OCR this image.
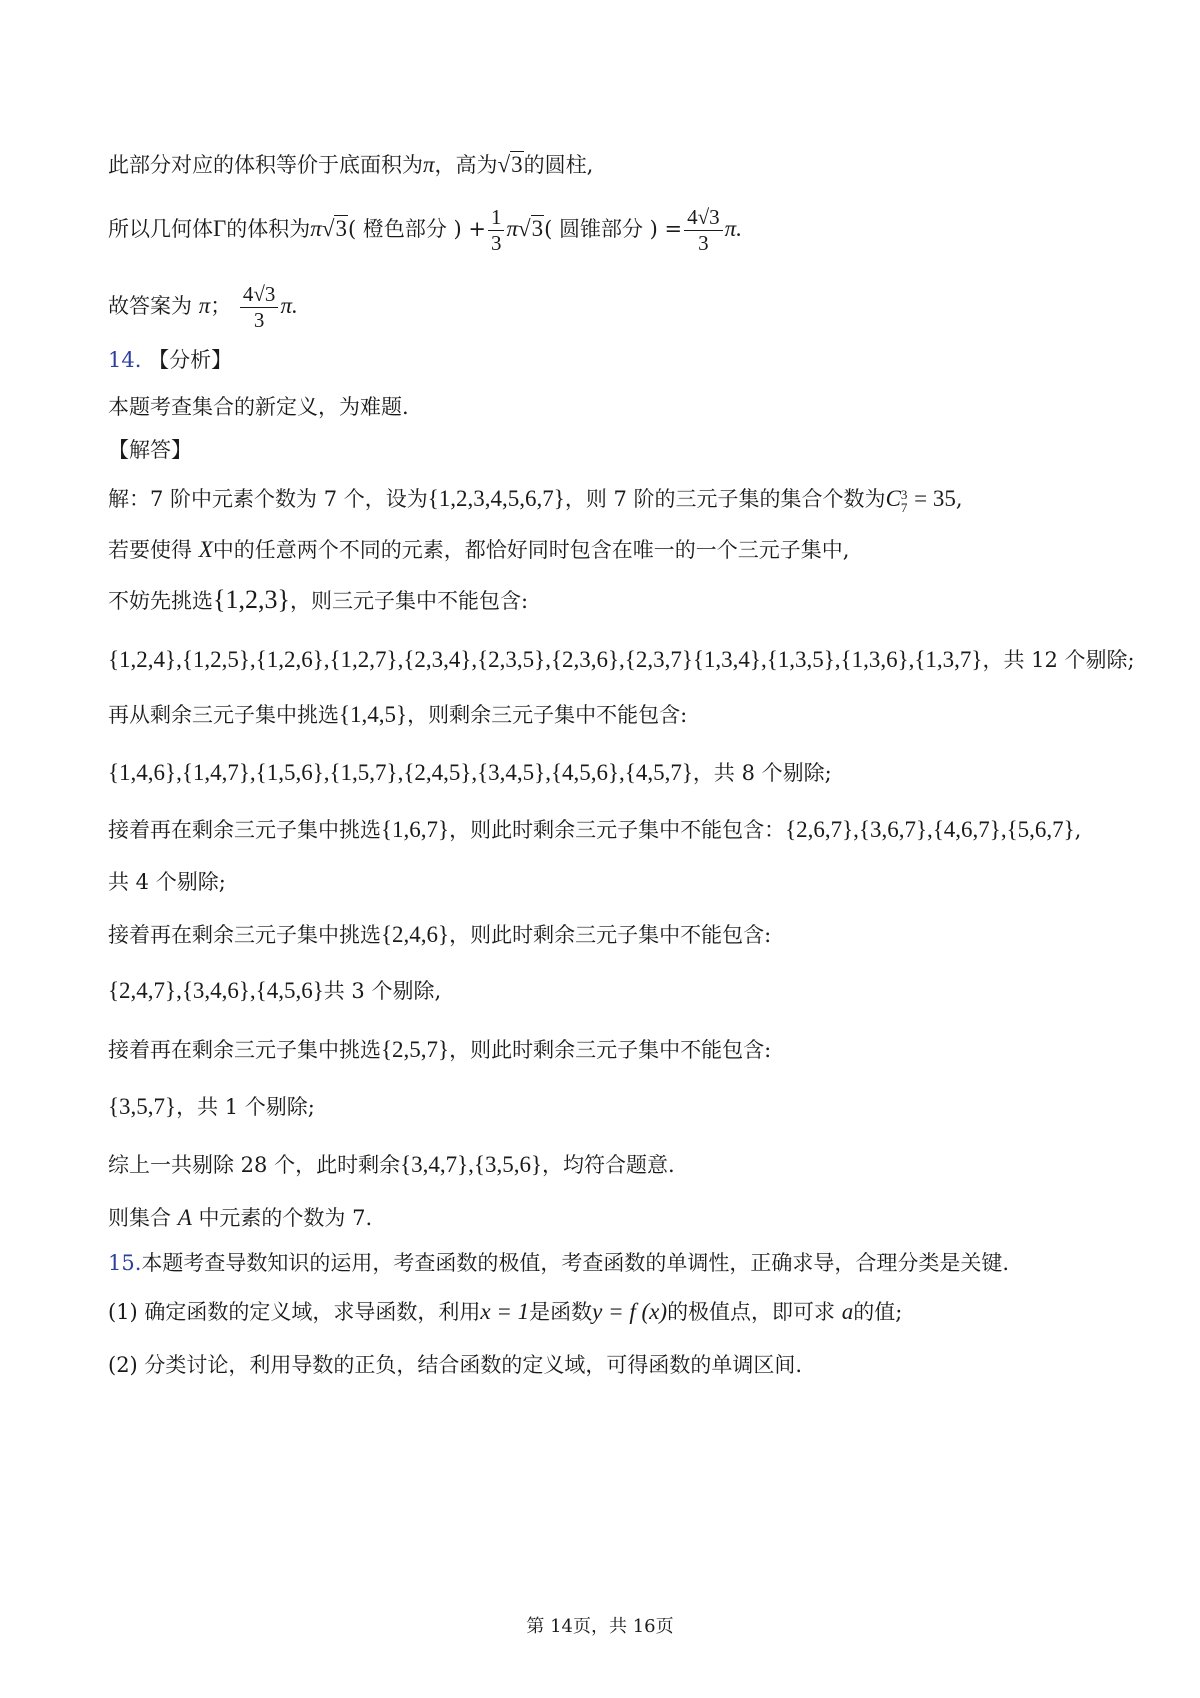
此部分对应的体积等价于底面积为π，高为√3的圆柱,
所以几何体Γ的体积为π√3( 橙色部分 ) + $\frac{1}{3} \pi√3$( 圆锥部分 ) = $\frac{4√3}{3} \pi$.
故答案为 π； $\frac{4√3}{3} \pi$.
14. 【分析】
本题考查集合的新定义，为难题.
【解答】
解：7 阶中元素个数为 7 个，设为{1,2,3,4,5,6,7}，则 7 阶的三元子集的集合个数为C 3
7 = 35,
若要使得 X中的任意两个不同的元素，都恰好同时包含在唯一的一个三元子集中,
不妨先挑选{1,2,3}，则三元子集中不能包含:
{1,2,4},{1,2,5},{1,2,6},{1,2,7},{2,3,4},{2,3,5},{2,3,6},{2,3,7}{1,3,4},{1,3,5},{1,3,6},{1,3,7}，共 12 个剔除;
再从剩余三元子集中挑选{1,4,5}，则剩余三元子集中不能包含:
{1,4,6},{1,4,7},{1,5,6},{1,5,7},{2,4,5},{3,4,5},{4,5,6},{4,5,7}，共 8 个剔除;
接着再在剩余三元子集中挑选{1,6,7}，则此时剩余三元子集中不能包含：{2,6,7},{3,6,7},{4,6,7},{5,6,7},
共 4 个剔除;
接着再在剩余三元子集中挑选{2,4,6}，则此时剩余三元子集中不能包含:
{2,4,7},{3,4,6},{4,5,6}共 3 个剔除,
接着再在剩余三元子集中挑选{2,5,7}，则此时剩余三元子集中不能包含:
{3,5,7}，共 1 个剔除;
综上一共剔除 28 个，此时剩余{3,4,7},{3,5,6}，均符合题意.
则集合 A 中元素的个数为 7.
15.本题考查导数知识的运用，考查函数的极值，考查函数的单调性，正确求导，合理分类是关键.
(1) 确定函数的定义域，求导函数，利用x = 1是函数y = f (x)的极值点，即可求 a的值;
(2) 分类讨论，利用导数的正负，结合函数的定义域，可得函数的单调区间.
第 14页，共 16页
